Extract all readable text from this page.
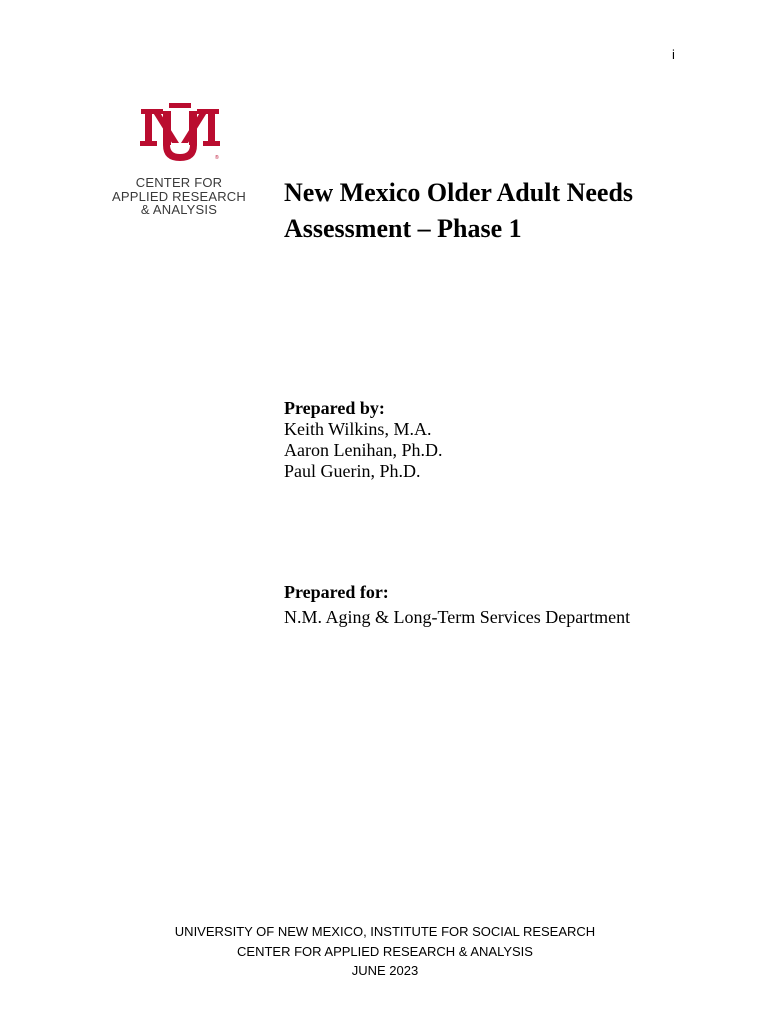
i
®
CENTER FOR
APPLIED RESEARCH
& ANALYSIS
New Mexico Older Adult Needs
Assessment – Phase 1
Prepared by:
Keith Wilkins, M.A.
Aaron Lenihan, Ph.D.
Paul Guerin, Ph.D.
Prepared for:
N.M. Aging & Long-Term Services Department
UNIVERSITY OF NEW MEXICO, INSTITUTE FOR SOCIAL RESEARCH
CENTER FOR APPLIED RESEARCH & ANALYSIS
JUNE 2023
